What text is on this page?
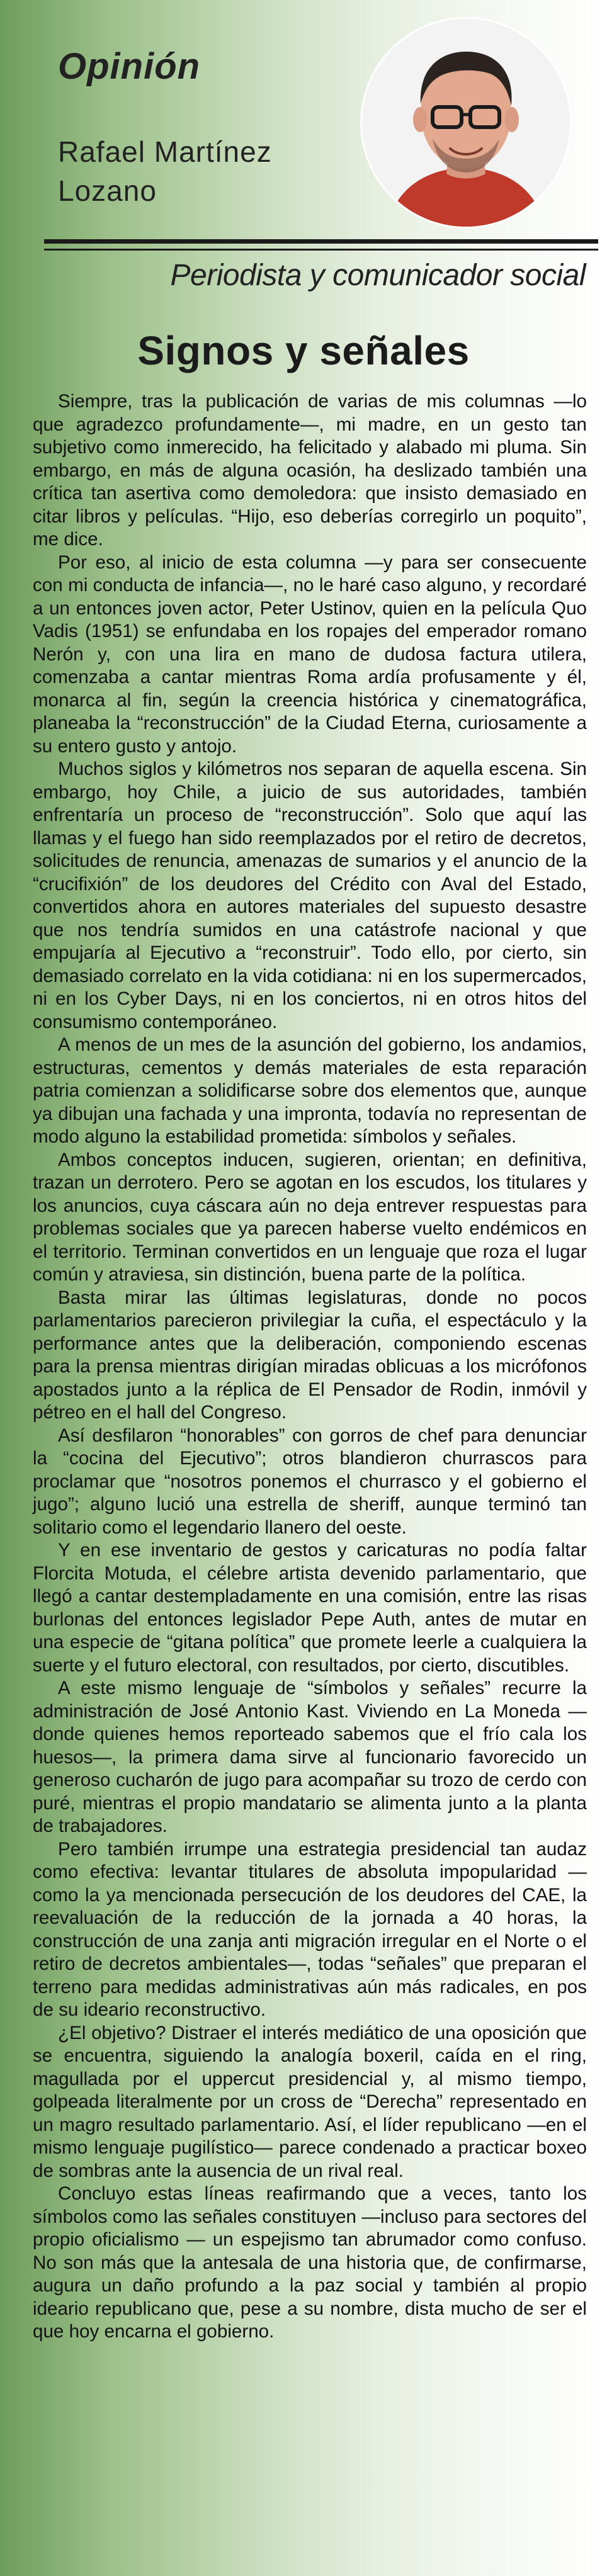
Opinión
Rafael Martínez
Lozano
Periodista y comunicador social
Signos y señales

Siempre, tras la publicación de varias de mis columnas —lo que agradezco profundamente—, mi madre, en un gesto tan subjetivo como inmerecido, ha felicitado y alabado mi pluma. Sin embargo, en más de alguna ocasión, ha deslizado también una crítica tan asertiva como demoledora: que insisto demasiado en citar libros y películas. “Hijo, eso deberías corregirlo un poquito”, me dice.

Por eso, al inicio de esta columna —y para ser consecuente con mi conducta de infancia—, no le haré caso alguno, y recordaré a un entonces joven actor, Peter Ustinov, quien en la película Quo Vadis (1951) se enfundaba en los ropajes del emperador romano Nerón y, con una lira en mano de dudosa factura utilera, comenzaba a cantar mientras Roma ardía profusamente y él, monarca al fin, según la creencia histórica y cinematográfica, planeaba la “reconstrucción” de la Ciudad Eterna, curiosamente a su entero gusto y antojo.

Muchos siglos y kilómetros nos separan de aquella escena. Sin embargo, hoy Chile, a juicio de sus autoridades, también enfrentaría un proceso de “reconstrucción”. Solo que aquí las llamas y el fuego han sido reemplazados por el retiro de decretos, solicitudes de renuncia, amenazas de sumarios y el anuncio de la “crucifixión” de los deudores del Crédito con Aval del Estado, convertidos ahora en autores materiales del supuesto desastre que nos tendría sumidos en una catástrofe nacional y que empujaría al Ejecutivo a “reconstruir”. Todo ello, por cierto, sin demasiado correlato en la vida cotidiana: ni en los supermercados, ni en los Cyber Days, ni en los conciertos, ni en otros hitos del consumismo contemporáneo.

A menos de un mes de la asunción del gobierno, los andamios, estructuras, cementos y demás materiales de esta reparación patria comienzan a solidificarse sobre dos elementos que, aunque ya dibujan una fachada y una impronta, todavía no representan de modo alguno la estabilidad prometida: símbolos y señales.

Ambos conceptos inducen, sugieren, orientan; en definitiva, trazan un derrotero. Pero se agotan en los escudos, los titulares y los anuncios, cuya cáscara aún no deja entrever respuestas para problemas sociales que ya parecen haberse vuelto endémicos en el territorio. Terminan convertidos en un lenguaje que roza el lugar común y atraviesa, sin distinción, buena parte de la política.

Basta mirar las últimas legislaturas, donde no pocos parlamentarios parecieron privilegiar la cuña, el espectáculo y la performance antes que la deliberación, componiendo escenas para la prensa mientras dirigían miradas oblicuas a los micrófonos apostados junto a la réplica de El Pensador de Rodin, inmóvil y pétreo en el hall del Congreso.

Así desfilaron “honorables” con gorros de chef para denunciar la “cocina del Ejecutivo”; otros blandieron churrascos para proclamar que “nosotros ponemos el churrasco y el gobierno el jugo”; alguno lució una estrella de sheriff, aunque terminó tan solitario como el legendario llanero del oeste.

Y en ese inventario de gestos y caricaturas no podía faltar Florcita Motuda, el célebre artista devenido parlamentario, que llegó a cantar destempladamente en una comisión, entre las risas burlonas del entonces legislador Pepe Auth, antes de mutar en una especie de “gitana política” que promete leerle a cualquiera la suerte y el futuro electoral, con resultados, por cierto, discutibles.

A este mismo lenguaje de “símbolos y señales” recurre la administración de José Antonio Kast. Viviendo en La Moneda —donde quienes hemos reporteado sabemos que el frío cala los huesos—, la primera dama sirve al funcionario favorecido un generoso cucharón de jugo para acompañar su trozo de cerdo con puré, mientras el propio mandatario se alimenta junto a la planta de trabajadores.

Pero también irrumpe una estrategia presidencial tan audaz como efectiva: levantar titulares de absoluta impopularidad —como la ya mencionada persecución de los deudores del CAE, la reevaluación de la reducción de la jornada a 40 horas, la construcción de una zanja anti migración irregular en el Norte o el retiro de decretos ambientales—, todas “señales” que preparan el terreno para medidas administrativas aún más radicales, en pos de su ideario reconstructivo.

¿El objetivo? Distraer el interés mediático de una oposición que se encuentra, siguiendo la analogía boxeril, caída en el ring, magullada por el uppercut presidencial y, al mismo tiempo, golpeada literalmente por un cross de “Derecha” representado en un magro resultado parlamentario. Así, el líder republicano —en el mismo lenguaje pugilístico— parece condenado a practicar boxeo de sombras ante la ausencia de un rival real.

Concluyo estas líneas reafirmando que a veces, tanto los símbolos como las señales constituyen —incluso para sectores del propio oficialismo — un espejismo tan abrumador como confuso. No son más que la antesala de una historia que, de confirmarse, augura un daño profundo a la paz social y también al propio ideario republicano que, pese a su nombre, dista mucho de ser el que hoy encarna el gobierno.
